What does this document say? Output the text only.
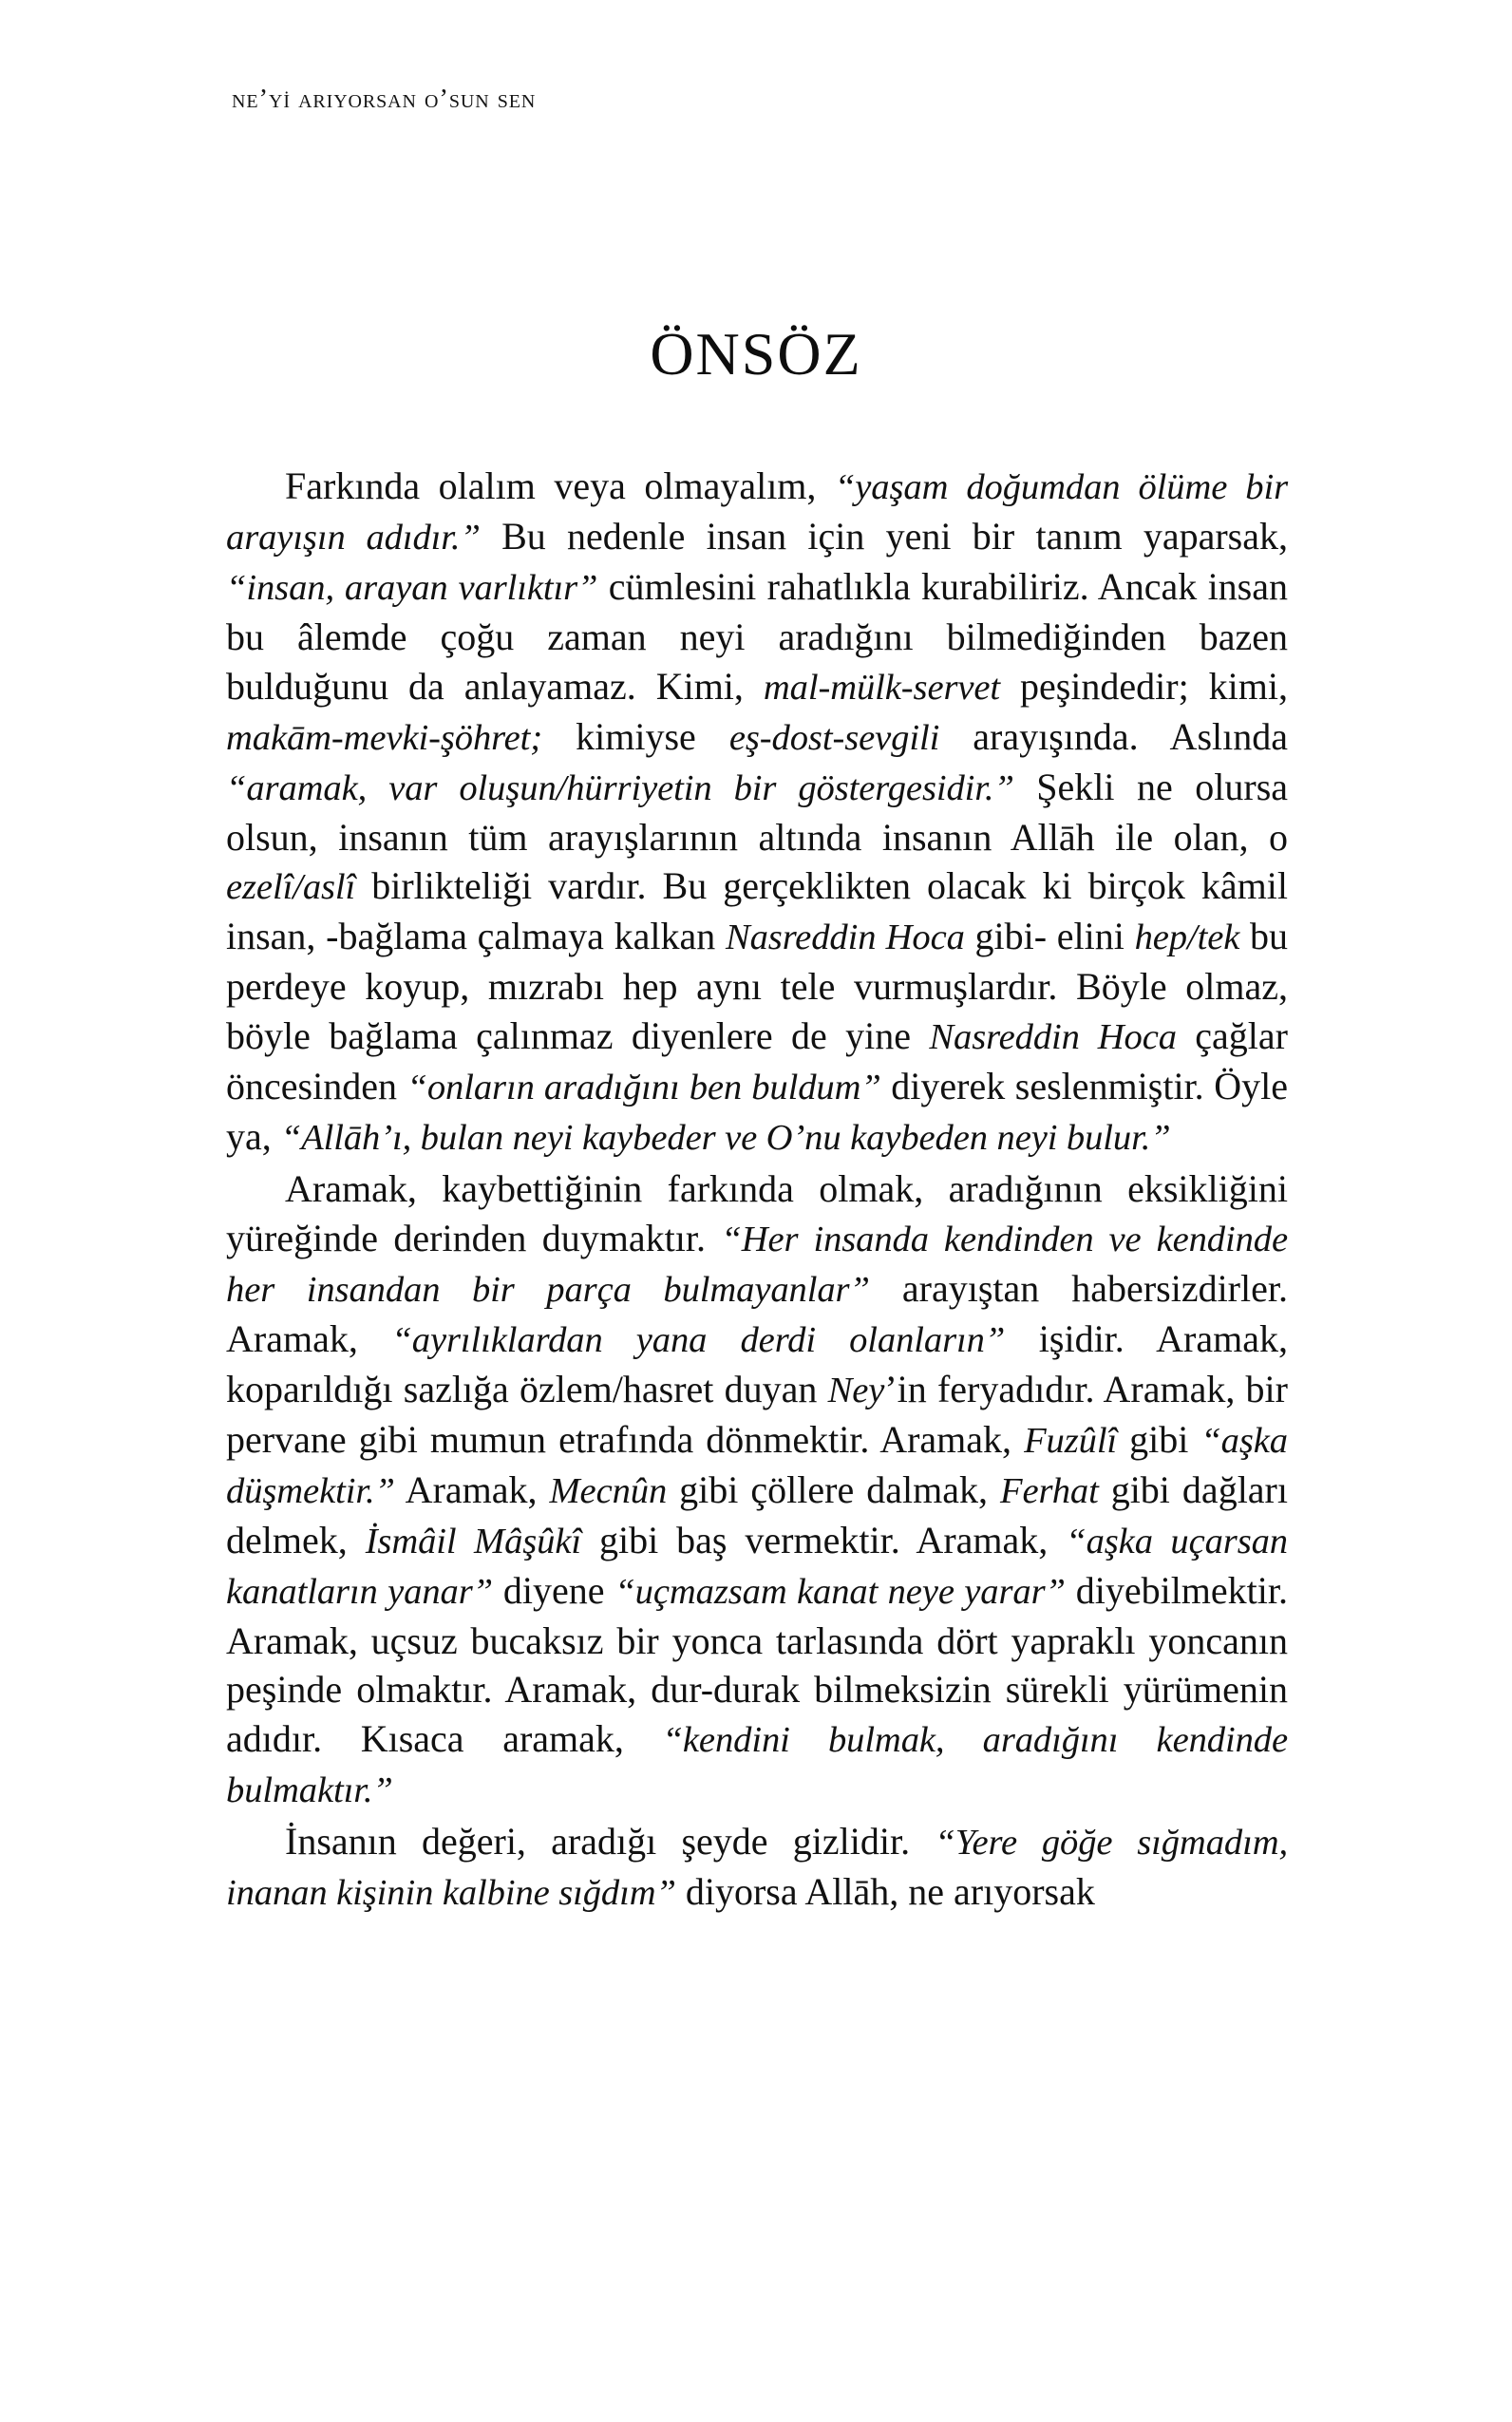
ne’yi arıyorsan o’sun sen
ÖNSÖZ

Farkında olalım veya olmayalım, “yaşam doğumdan ölüme bir arayışın adıdır.” Bu nedenle insan için yeni bir tanım yaparsak, “insan, arayan varlıktır” cümlesini rahatlıkla kurabiliriz. Ancak insan bu âlemde çoğu zaman neyi aradığını bilmediğinden bazen bulduğunu da anlayamaz. Kimi, mal-mülk-servet peşindedir; kimi, makām-mevki-şöhret; kimiyse eş-dost-sevgili arayışında. Aslında “aramak, var oluşun/hürriyetin bir göstergesidir.” Şekli ne olursa olsun, insanın tüm arayışlarının altında insanın Allāh ile olan, o ezelî/aslî birlikteliği vardır. Bu gerçeklikten olacak ki birçok kâmil insan, -bağlama çalmaya kalkan Nasreddin Hoca gibi- elini hep/tek bu perdeye koyup, mızrabı hep aynı tele vurmuşlardır. Böyle olmaz, böyle bağlama çalınmaz diyenlere de yine Nasreddin Hoca çağlar öncesinden “onların aradığını ben buldum” diyerek seslenmiştir. Öyle ya, “Allāh’ı, bulan neyi kaybeder ve O’nu kaybeden neyi bulur.”

Aramak, kaybettiğinin farkında olmak, aradığının eksikliğini yüreğinde derinden duymaktır. “Her insanda kendinden ve kendinde her insandan bir parça bulmayanlar” arayıştan habersizdirler. Aramak, “ayrılıklardan yana derdi olanların” işidir. Aramak, koparıldığı sazlığa özlem/hasret duyan Ney’in feryadıdır. Aramak, bir pervane gibi mumun etrafında dönmektir. Aramak, Fuzûlî gibi “aşka düşmektir.” Aramak, Mecnûn gibi çöllere dalmak, Ferhat gibi dağları delmek, İsmâil Mâşûkî gibi baş vermektir. Aramak, “aşka uçarsan kanatların yanar” diyene “uçmazsam kanat neye yarar” diyebilmektir. Aramak, uçsuz bucaksız bir yonca tarlasında dört yapraklı yoncanın peşinde olmaktır. Aramak, dur-durak bilmeksizin sürekli yürümenin adıdır. Kısaca aramak, “kendini bulmak, aradığını kendinde bulmaktır.”

İnsanın değeri, aradığı şeyde gizlidir. “Yere göğe sığmadım, inanan kişinin kalbine sığdım” diyorsa Allāh, ne arıyorsak
